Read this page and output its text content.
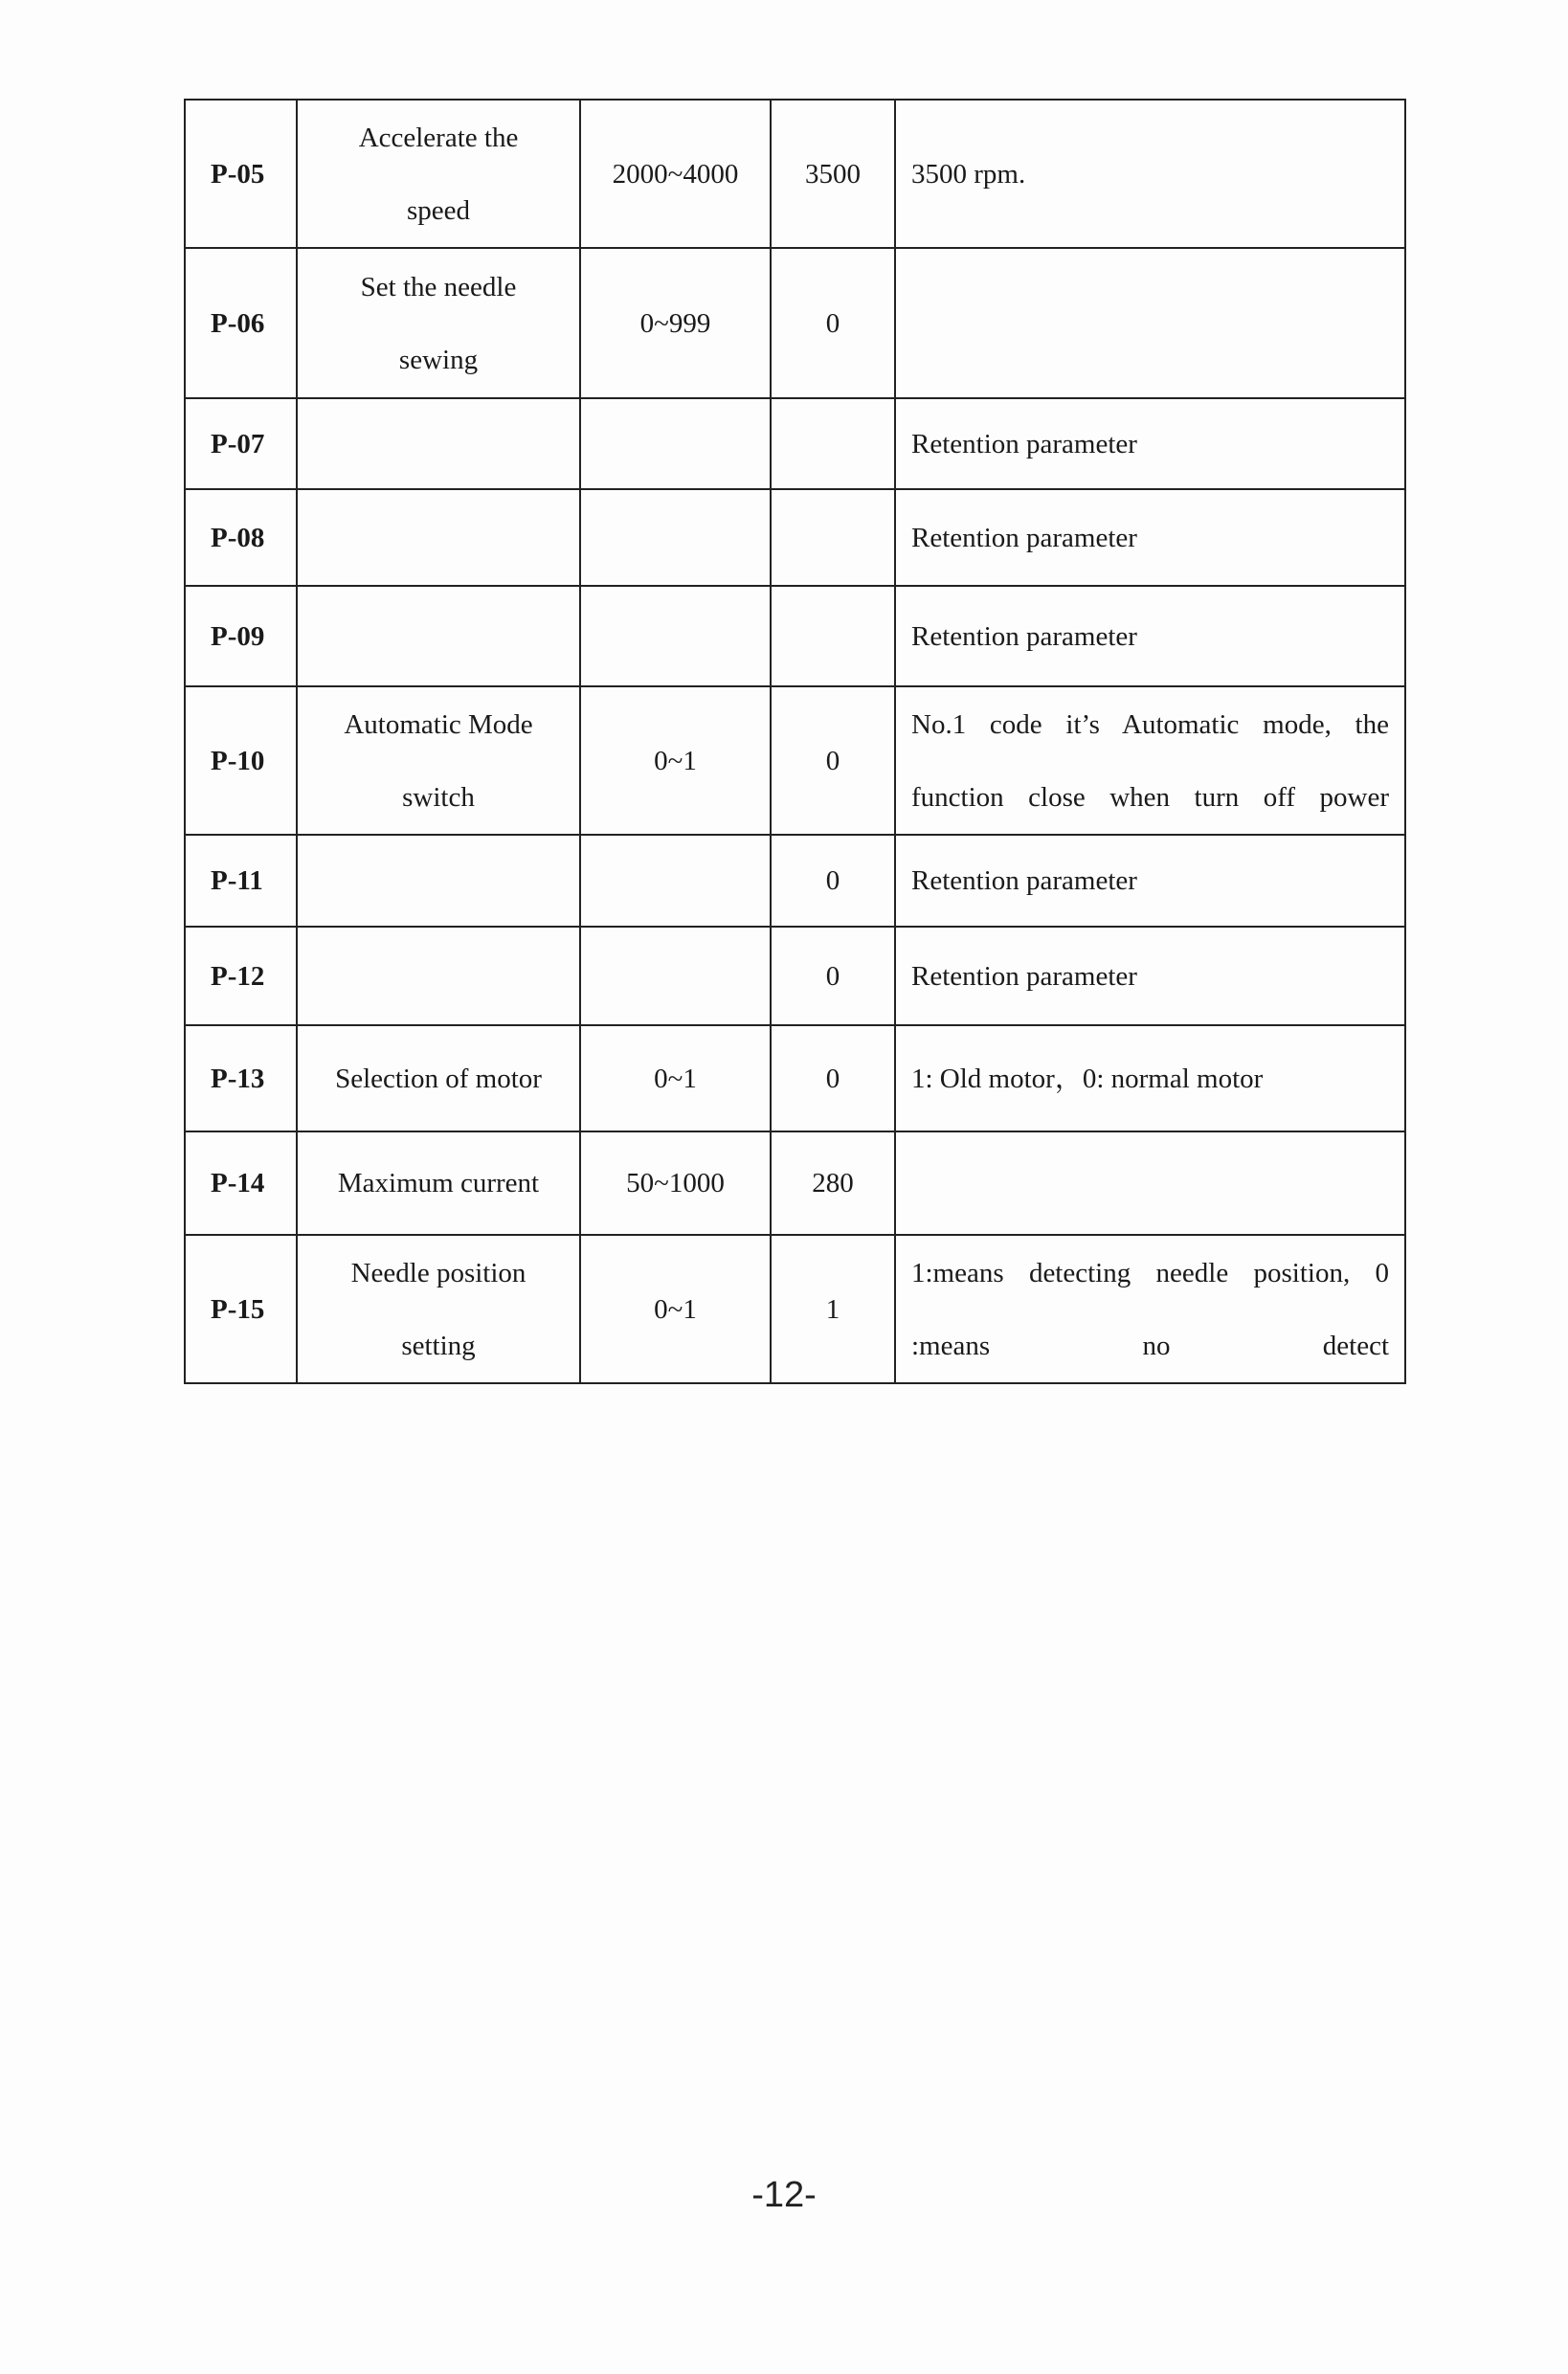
P-05	Accelerate the speed	2000~4000	3500	3500 rpm.
P-06	Set the needle sewing	0~999	0	
P-07				Retention parameter
P-08				Retention parameter
P-09				Retention parameter
P-10	Automatic Mode switch	0~1	0	No.1 code it’s Automatic mode, the function close when turn off power
P-11			0	Retention parameter
P-12			0	Retention parameter
P-13	Selection of motor	0~1	0	1: Old motor，0: normal motor
P-14	Maximum current	50~1000	280	
P-15	Needle position setting	0~1	1	1:means detecting needle position, 0 :means no detect
-12-
